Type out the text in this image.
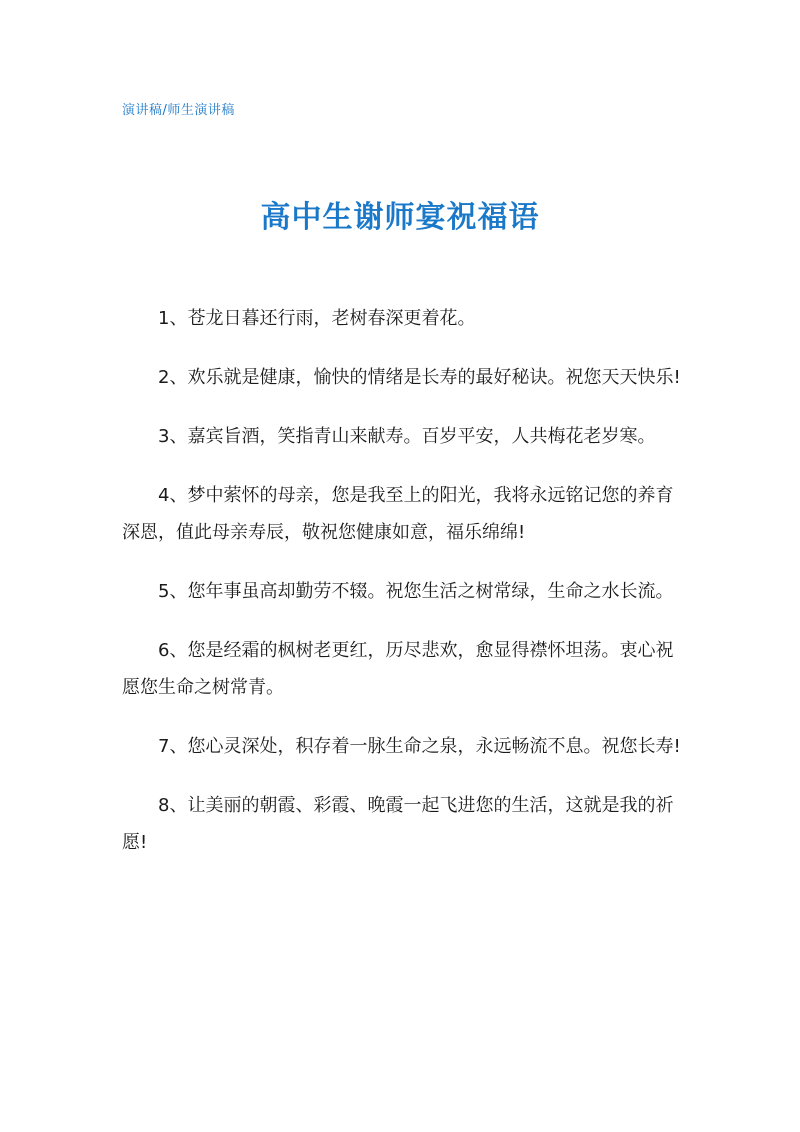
演讲稿/师生演讲稿
高中生谢师宴祝福语

1、苍龙日暮还行雨，老树春深更着花。

2、欢乐就是健康，愉快的情绪是长寿的最好秘诀。祝您天天快乐!

3、嘉宾旨酒，笑指青山来献寿。百岁平安，人共梅花老岁寒。

4、梦中萦怀的母亲，您是我至上的阳光，我将永远铭记您的养育深恩，值此母亲寿辰，敬祝您健康如意，福乐绵绵!

5、您年事虽高却勤劳不辍。祝您生活之树常绿，生命之水长流。

6、您是经霜的枫树老更红，历尽悲欢，愈显得襟怀坦荡。衷心祝愿您生命之树常青。

7、您心灵深处，积存着一脉生命之泉，永远畅流不息。祝您长寿!

8、让美丽的朝霞、彩霞、晚霞一起飞进您的生活，这就是我的祈愿!
